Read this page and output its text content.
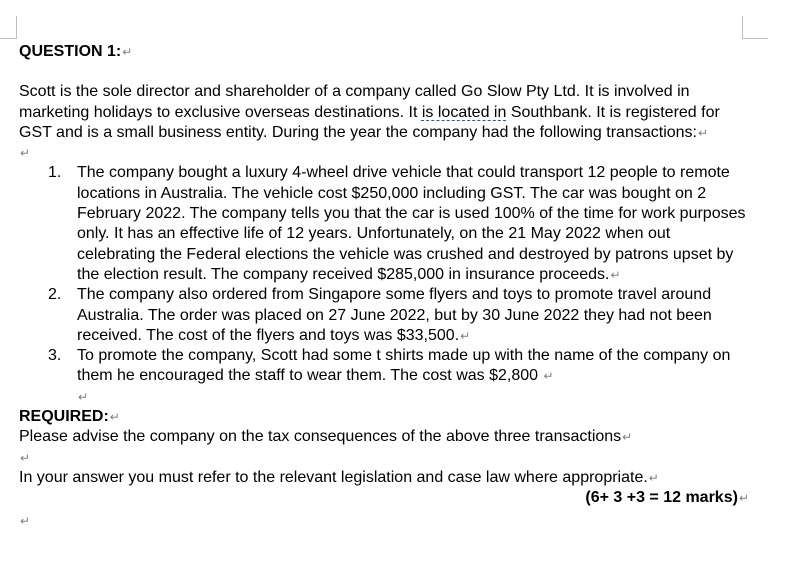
QUESTION 1:↵

Scott is the sole director and shareholder of a company called Go Slow Pty Ltd. It is involved in marketing holidays to exclusive overseas destinations. It is located in Southbank. It is registered for GST and is a small business entity. During the year the company had the following transactions:↵

↵

1. The company bought a luxury 4-wheel drive vehicle that could transport 12 people to remote locations in Australia. The vehicle cost $250,000 including GST. The car was bought on 2 February 2022. The company tells you that the car is used 100% of the time for work purposes only. It has an effective life of 12 years. Unfortunately, on the 21 May 2022 when out celebrating the Federal elections the vehicle was crushed and destroyed by patrons upset by the election result. The company received $285,000 in insurance proceeds.↵
2. The company also ordered from Singapore some flyers and toys to promote travel around Australia. The order was placed on 27 June 2022, but by 30 June 2022 they had not been received. The cost of the flyers and toys was $33,500.↵
3. To promote the company, Scott had some t shirts made up with the name of the company on them he encouraged the staff to wear them. The cost was $2,800 ↵

↵

REQUIRED:↵

Please advise the company on the tax consequences of the above three transactions↵

↵

In your answer you must refer to the relevant legislation and case law where appropriate.↵

(6+ 3 +3 = 12 marks)↵

↵
